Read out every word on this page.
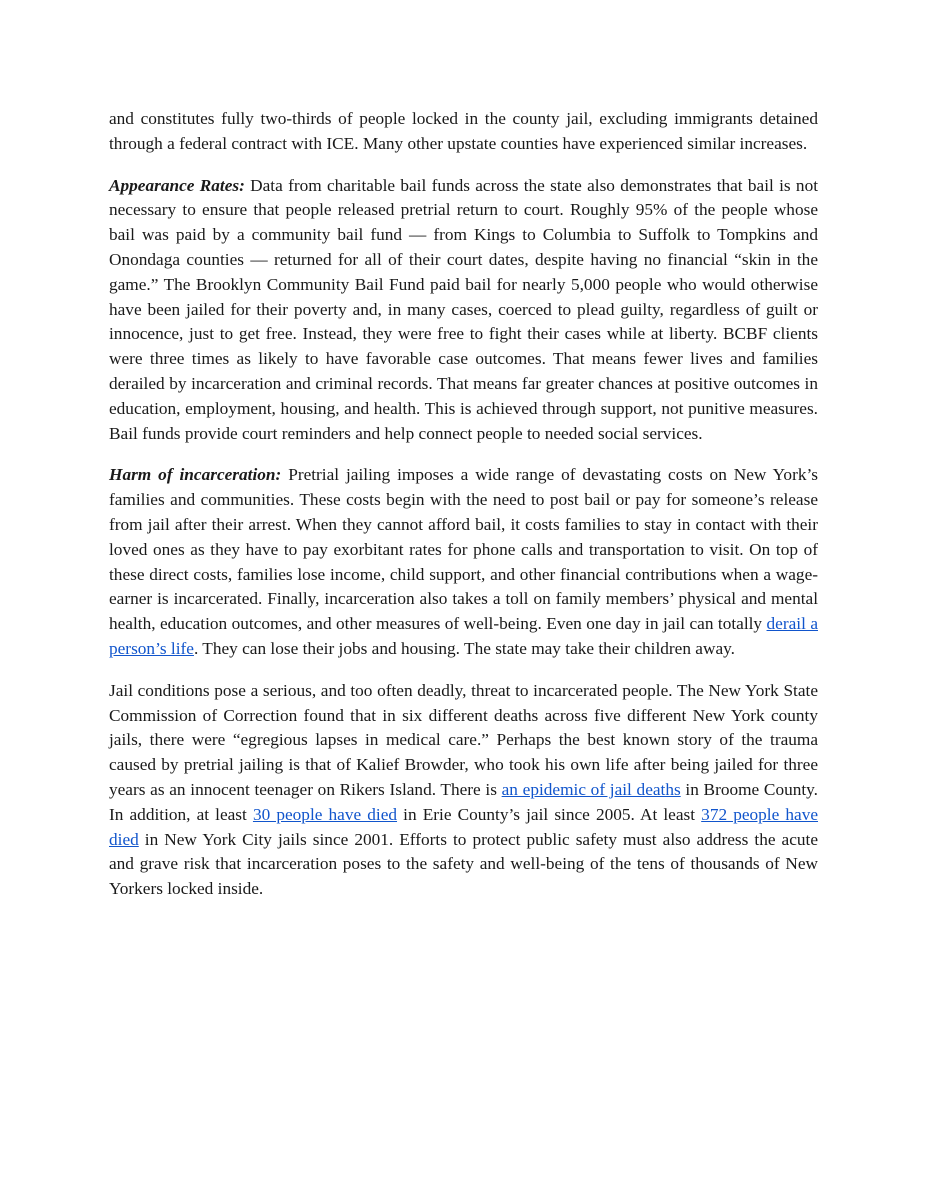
and constitutes fully two-thirds of people locked in the county jail, excluding immigrants detained through a federal contract with ICE. Many other upstate counties have experienced similar increases.

Appearance Rates: Data from charitable bail funds across the state also demonstrates that bail is not necessary to ensure that people released pretrial return to court. Roughly 95% of the people whose bail was paid by a community bail fund — from Kings to Columbia to Suffolk to Tompkins and Onondaga counties — returned for all of their court dates, despite having no financial “skin in the game.” The Brooklyn Community Bail Fund paid bail for nearly 5,000 people who would otherwise have been jailed for their poverty and, in many cases, coerced to plead guilty, regardless of guilt or innocence, just to get free. Instead, they were free to fight their cases while at liberty. BCBF clients were three times as likely to have favorable case outcomes. That means fewer lives and families derailed by incarceration and criminal records. That means far greater chances at positive outcomes in education, employment, housing, and health. This is achieved through support, not punitive measures. Bail funds provide court reminders and help connect people to needed social services.

Harm of incarceration: Pretrial jailing imposes a wide range of devastating costs on New York’s families and communities. These costs begin with the need to post bail or pay for someone’s release from jail after their arrest. When they cannot afford bail, it costs families to stay in contact with their loved ones as they have to pay exorbitant rates for phone calls and transportation to visit. On top of these direct costs, families lose income, child support, and other financial contributions when a wage-earner is incarcerated. Finally, incarceration also takes a toll on family members’ physical and mental health, education outcomes, and other measures of well-being. Even one day in jail can totally derail a person’s life. They can lose their jobs and housing. The state may take their children away.

Jail conditions pose a serious, and too often deadly, threat to incarcerated people. The New York State Commission of Correction found that in six different deaths across five different New York county jails, there were “egregious lapses in medical care.” Perhaps the best known story of the trauma caused by pretrial jailing is that of Kalief Browder, who took his own life after being jailed for three years as an innocent teenager on Rikers Island. There is an epidemic of jail deaths in Broome County. In addition, at least 30 people have died in Erie County’s jail since 2005. At least 372 people have died in New York City jails since 2001. Efforts to protect public safety must also address the acute and grave risk that incarceration poses to the safety and well-being of the tens of thousands of New Yorkers locked inside.
